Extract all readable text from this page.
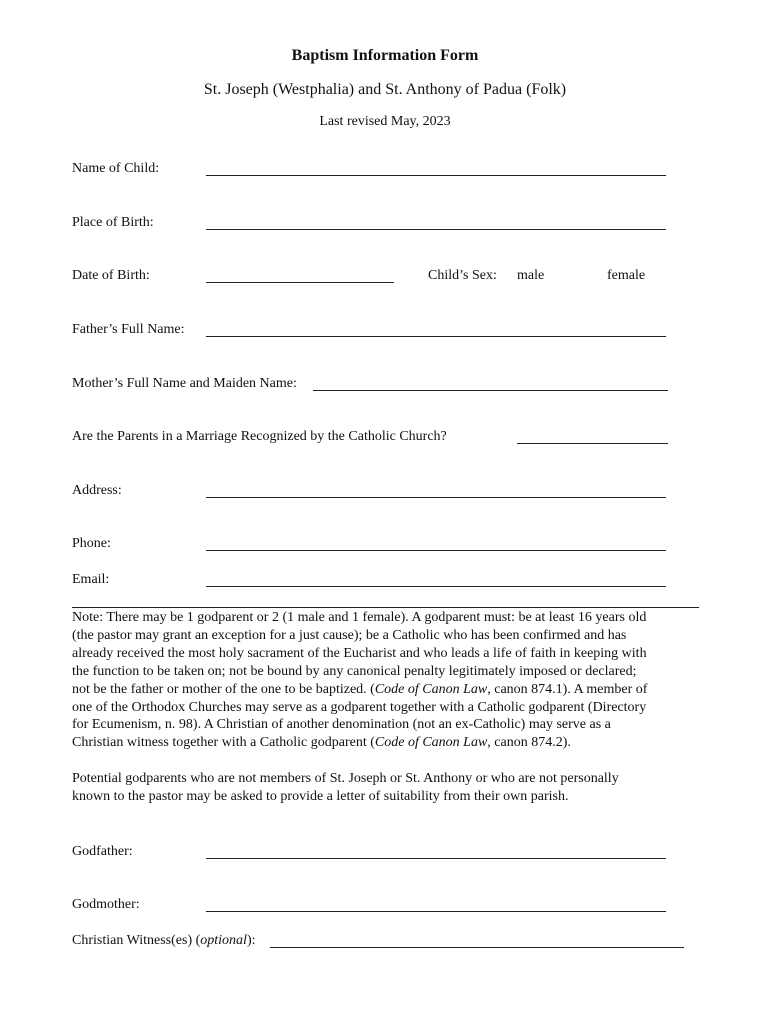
Baptism Information Form
St. Joseph (Westphalia) and St. Anthony of Padua (Folk)
Last revised May, 2023
Name of Child:
Place of Birth:
Date of Birth:	Child’s Sex: male	female
Father’s Full Name:
Mother’s Full Name and Maiden Name:
Are the Parents in a Marriage Recognized by the Catholic Church?
Address:
Phone:
Email:
Note: There may be 1 godparent or 2 (1 male and 1 female). A godparent must: be at least 16 years old
(the pastor may grant an exception for a just cause); be a Catholic who has been confirmed and has
already received the most holy sacrament of the Eucharist and who leads a life of faith in keeping with
the function to be taken on; not be bound by any canonical penalty legitimately imposed or declared;
not be the father or mother of the one to be baptized. (Code of Canon Law, canon 874.1). A member of
one of the Orthodox Churches may serve as a godparent together with a Catholic godparent (Directory
for Ecumenism, n. 98). A Christian of another denomination (not an ex-Catholic) may serve as a
Christian witness together with a Catholic godparent (Code of Canon Law, canon 874.2).
Potential godparents who are not members of St. Joseph or St. Anthony or who are not personally
known to the pastor may be asked to provide a letter of suitability from their own parish.
Godfather:
Godmother:
Christian Witness(es) (optional):
